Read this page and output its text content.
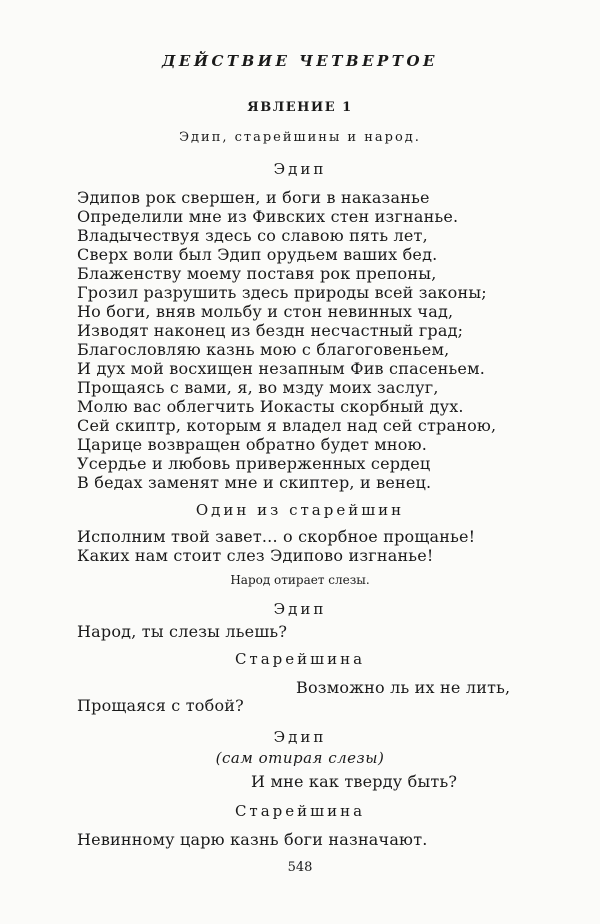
ДЕЙСТВИЕ ЧЕТВЕРТОЕ
ЯВЛЕНИЕ 1
Эдип, старейшины и народ.
Эдип
Эдипов рок свершен, и боги в наказанье
Определили мне из Фивских стен изгнанье.
Владычествуя здесь со славою пять лет,
Сверх воли был Эдип орудьем ваших бед.
Блаженству моему поставя рок препоны,
Грозил разрушить здесь природы всей законы;
Но боги, вняв мольбу и стон невинных чад,
Изводят наконец из бездн несчастный град;
Благословляю казнь мою с благоговеньем,
И дух мой восхищен незапным Фив спасеньем.
Прощаясь с вами, я, во мзду моих заслуг,
Молю вас облегчить Иокасты скорбный дух.
Сей скиптр, которым я владел над сей страною,
Царице возвращен обратно будет мною.
Усердье и любовь приверженных сердец
В бедах заменят мне и скиптер, и венец.
Один из старейшин
Исполним твой завет... о скорбное прощанье!
Каких нам стоит слез Эдипово изгнанье!
Народ отирает слезы.
Эдип
Народ, ты слезы льешь?
Старейшина
Возможно ль их не лить,
Прощаяся с тобой?
Эдип
(сам отирая слезы)
И мне как тверду быть?
Старейшина
Невинному царю казнь боги назначают.
548
